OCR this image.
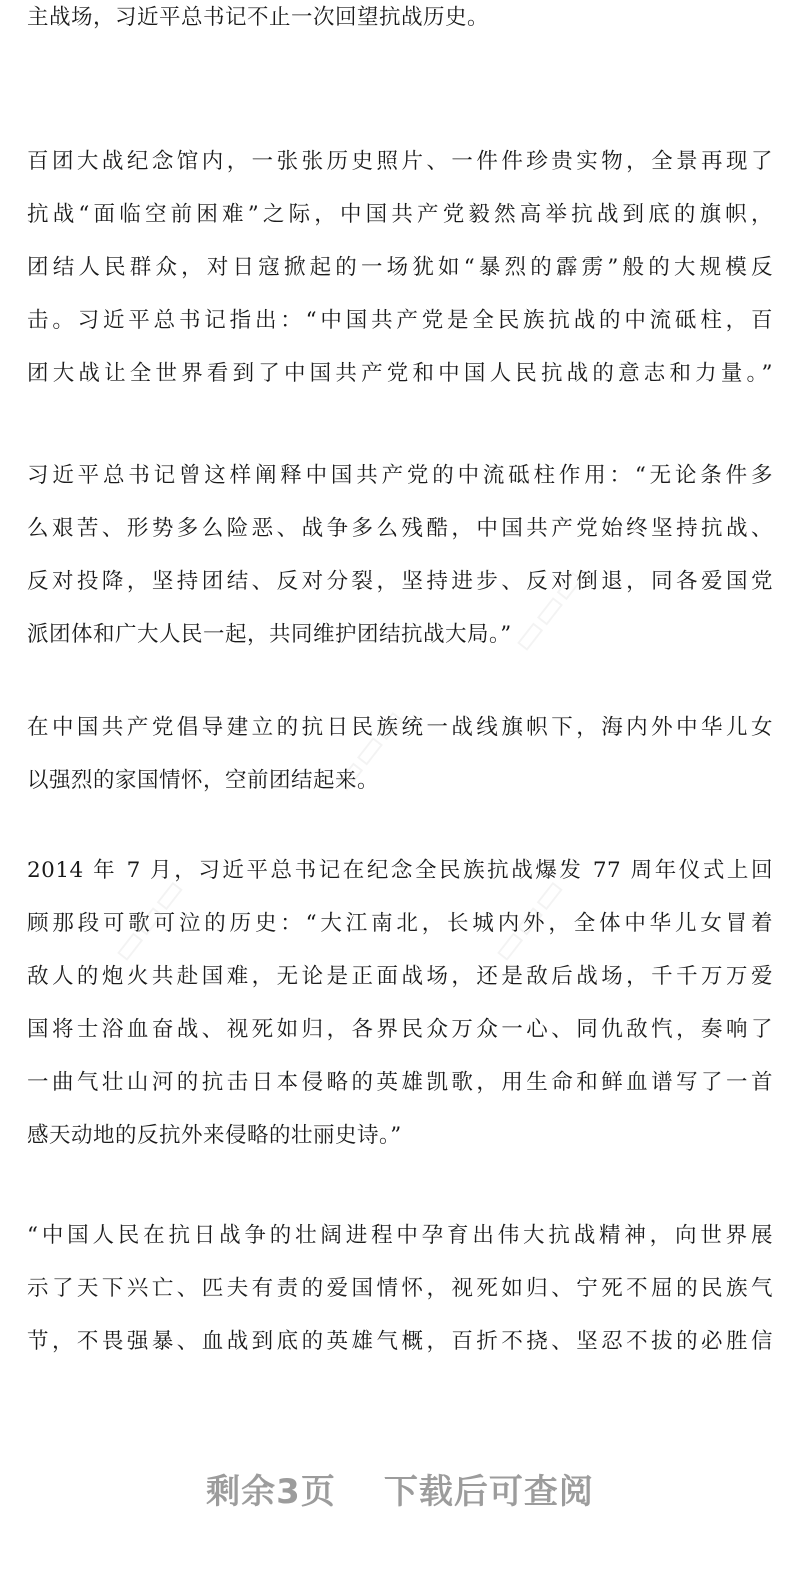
主战场，习近平总书记不止一次回望抗战历史。
百团大战纪念馆内，一张张历史照片、一件件珍贵实物，全景再现了
抗战“面临空前困难”之际，中国共产党毅然高举抗战到底的旗帜，
团结人民群众，对日寇掀起的一场犹如“暴烈的霹雳”般的大规模反
击。习近平总书记指出：“中国共产党是全民族抗战的中流砥柱，百
团大战让全世界看到了中国共产党和中国人民抗战的意志和力量。”
习近平总书记曾这样阐释中国共产党的中流砥柱作用：“无论条件多
么艰苦、形势多么险恶、战争多么残酷，中国共产党始终坚持抗战、
反对投降，坚持团结、反对分裂，坚持进步、反对倒退，同各爱国党
派团体和广大人民一起，共同维护团结抗战大局。”
在中国共产党倡导建立的抗日民族统一战线旗帜下，海内外中华儿女
以强烈的家国情怀，空前团结起来。
2014 年 7 月，习近平总书记在纪念全民族抗战爆发 77 周年仪式上回
顾那段可歌可泣的历史：“大江南北，长城内外，全体中华儿女冒着
敌人的炮火共赴国难，无论是正面战场，还是敌后战场，千千万万爱
国将士浴血奋战、视死如归，各界民众万众一心、同仇敌忾，奏响了
一曲气壮山河的抗击日本侵略的英雄凯歌，用生命和鲜血谱写了一首
感天动地的反抗外来侵略的壮丽史诗。”
“中国人民在抗日战争的壮阔进程中孕育出伟大抗战精神，向世界展
示了天下兴亡、匹夫有责的爱国情怀，视死如归、宁死不屈的民族气
节，不畏强暴、血战到底的英雄气概，百折不挠、坚忍不拔的必胜信
▭▭▭
▭▭▭
▭▭▭	▭▭▭
剩余3页 下载后可查阅
